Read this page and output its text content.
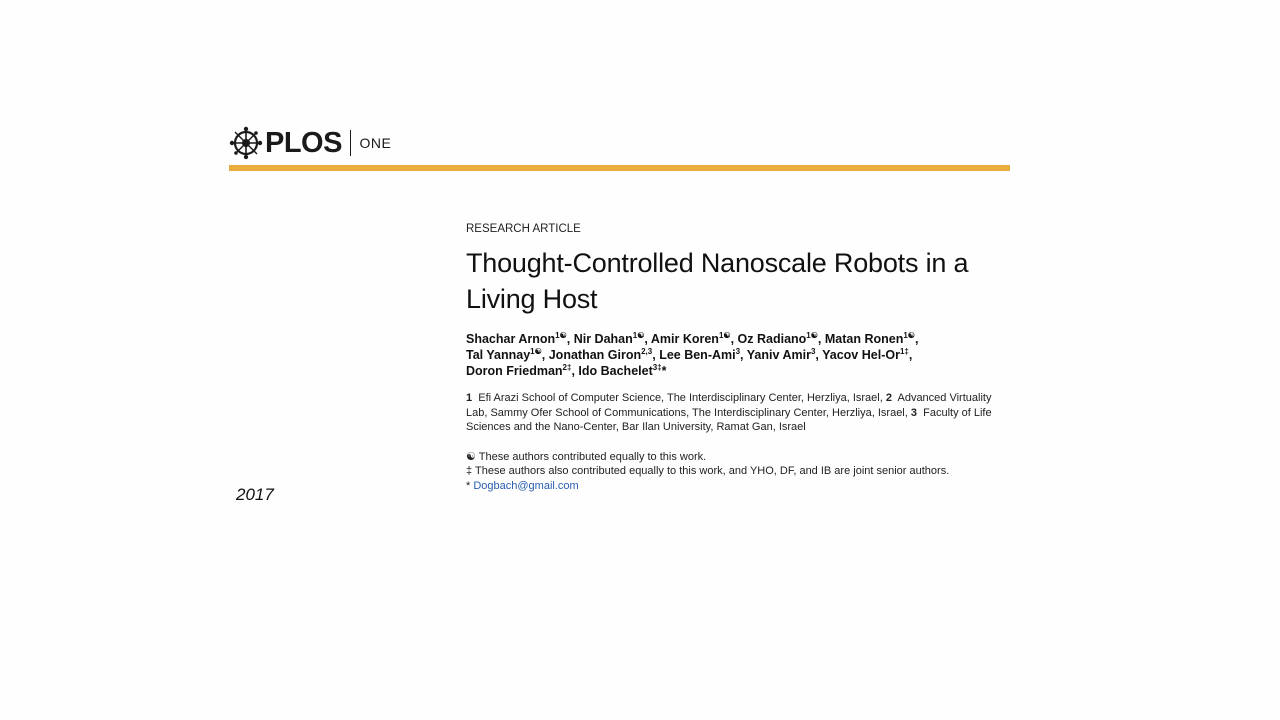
PLOS ONE

RESEARCH ARTICLE

Thought-Controlled Nanoscale Robots in a Living Host
Shachar Arnon$^{1☯}$, Nir Dahan$^{1☯}$, Amir Koren$^{1☯}$, Oz Radiano$^{1☯}$, Matan Ronen$^{1☯}$,
Tal Yannay$^{1☯}$, Jonathan Giron$^{2,3}$, Lee Ben-Ami$^3$, Yaniv Amir$^3$, Yacov Hel-$Or^{1\ddagger}$,
Doron Friedman$^{2\ddagger}$, Ido Bachelet$^{3\ddagger}$*
1 Efi Arazi School of Computer Science, The Interdisciplinary Center, Herzliya, Israel, 2 Advanced Virtuality Lab, Sammy Ofer School of Communications, The Interdisciplinary Center, Herzliya, Israel, 3 Faculty of Life Sciences and the Nano-Center, Bar Ilan University, Ramat Gan, Israel
☯ These authors contributed equally to this work.
‡ These authors also contributed equally to this work, and YHO, DF, and IB are joint senior authors.
* Dogbach@gmail.com
2017
